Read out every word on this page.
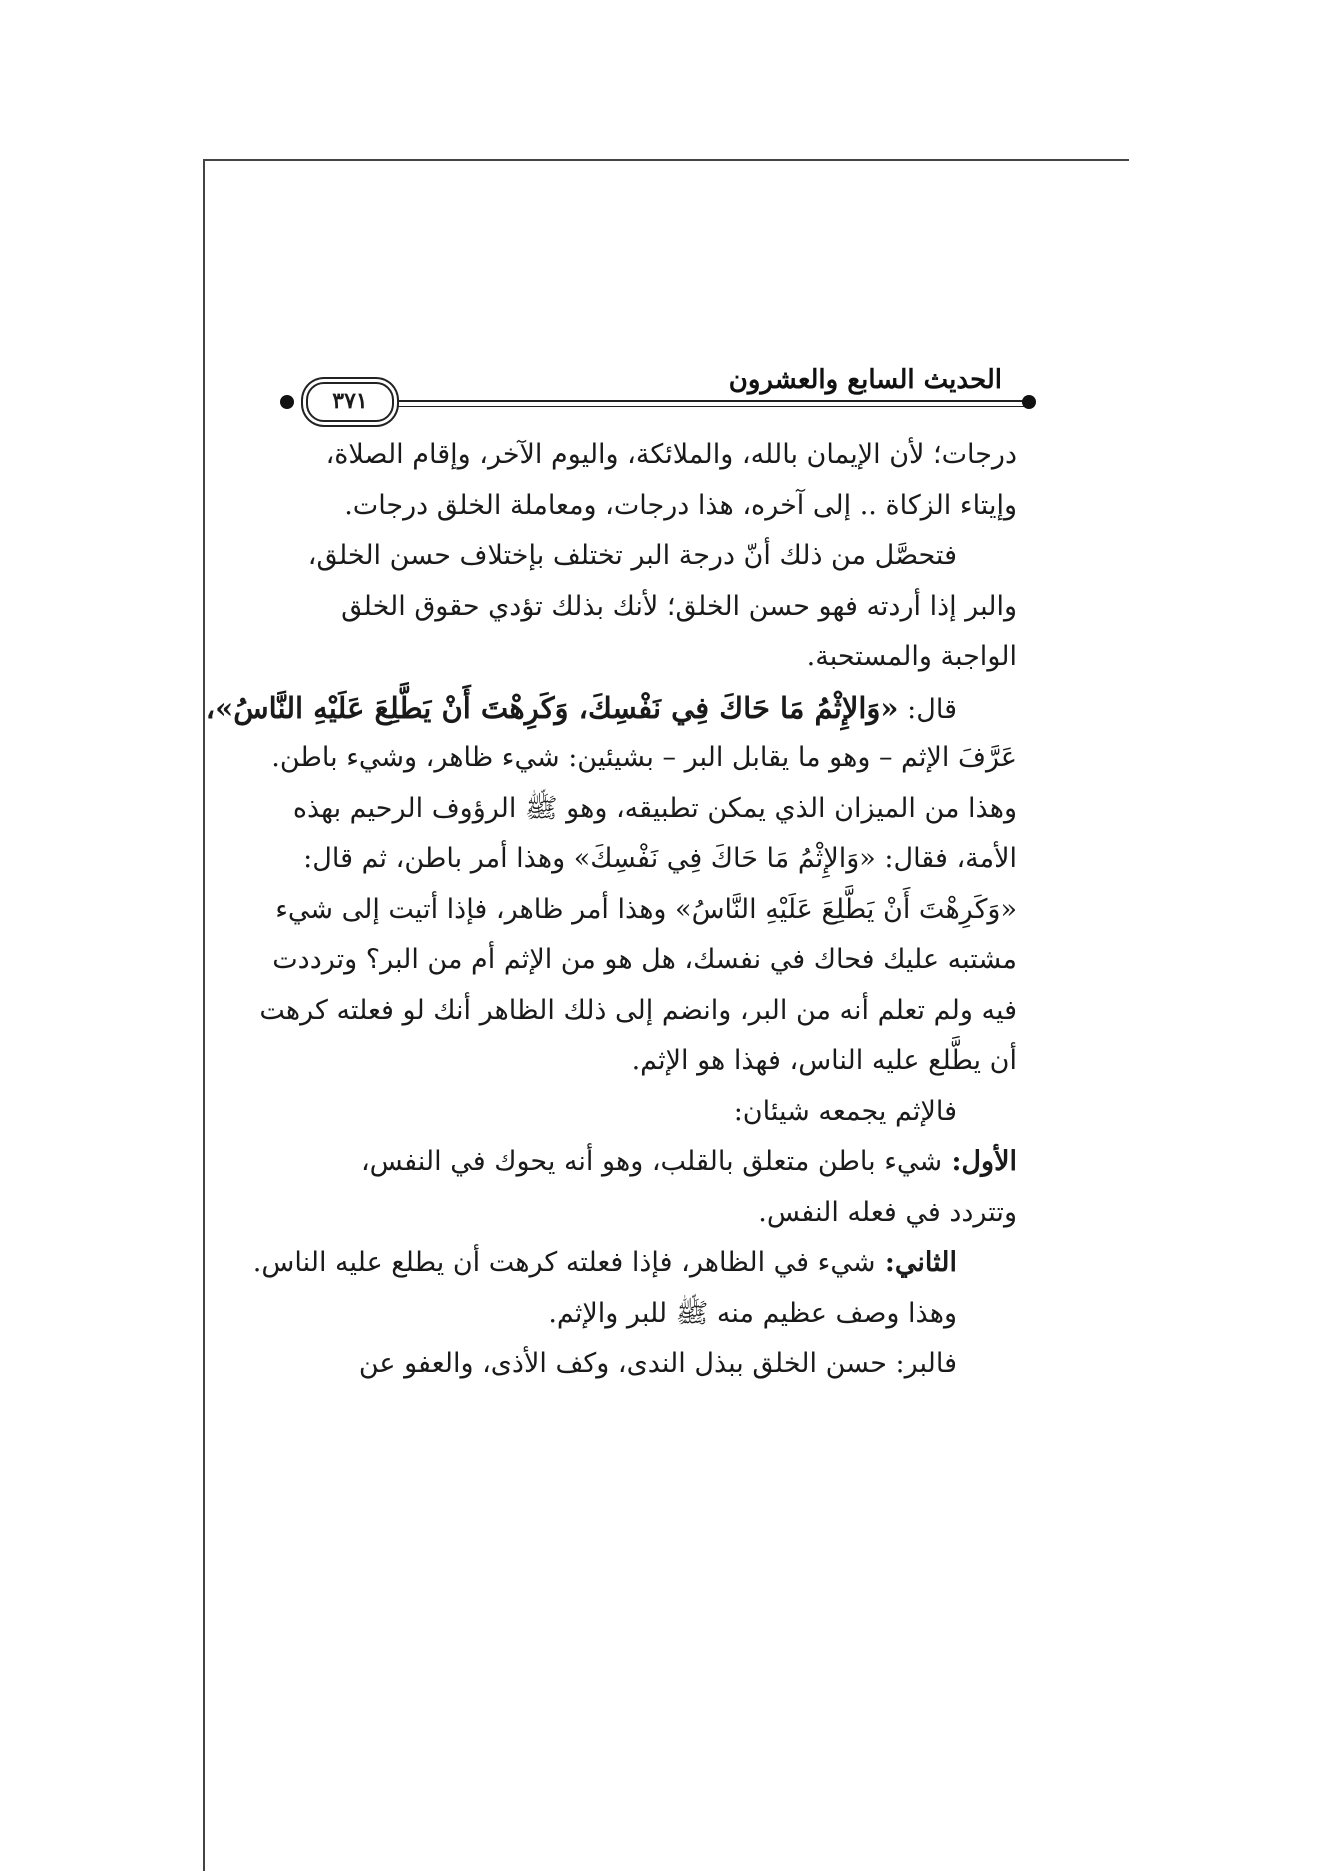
الحديث السابع والعشرون
٣٧١
درجات؛ لأن الإيمان بالله، والملائكة، واليوم الآخر، وإقام الصلاة،
وإيتاء الزكاة .. إلى آخره، هذا درجات، ومعاملة الخلق درجات.
فتحصَّل من ذلك أنّ درجة البر تختلف بإختلاف حسن الخلق،
والبر إذا أردته فهو حسن الخلق؛ لأنك بذلك تؤدي حقوق الخلق
الواجبة والمستحبة.
قال: «وَالإِثْمُ مَا حَاكَ فِي نَفْسِكَ، وَكَرِهْتَ أَنْ يَطَّلِعَ عَلَيْهِ النَّاسُ»،
عَرَّفَ الإثم – وهو ما يقابل البر – بشيئين: شيء ظاهر، وشيء باطن.
وهذا من الميزان الذي يمكن تطبيقه، وهو ﷺ الرؤوف الرحيم بهذه
الأمة، فقال: «وَالإِثْمُ مَا حَاكَ فِي نَفْسِكَ» وهذا أمر باطن، ثم قال:
«وَكَرِهْتَ أَنْ يَطَّلِعَ عَلَيْهِ النَّاسُ» وهذا أمر ظاهر، فإذا أتيت إلى شيء
مشتبه عليك فحاك في نفسك، هل هو من الإثم أم من البر؟ وترددت
فيه ولم تعلم أنه من البر، وانضم إلى ذلك الظاهر أنك لو فعلته كرهت
أن يطَّلع عليه الناس، فهذا هو الإثم.
فالإثم يجمعه شيئان:
الأول: شيء باطن متعلق بالقلب، وهو أنه يحوك في النفس،
وتتردد في فعله النفس.
الثاني: شيء في الظاهر، فإذا فعلته كرهت أن يطلع عليه الناس.
وهذا وصف عظيم منه ﷺ للبر والإثم.
فالبر: حسن الخلق ببذل الندى، وكف الأذى، والعفو عن
